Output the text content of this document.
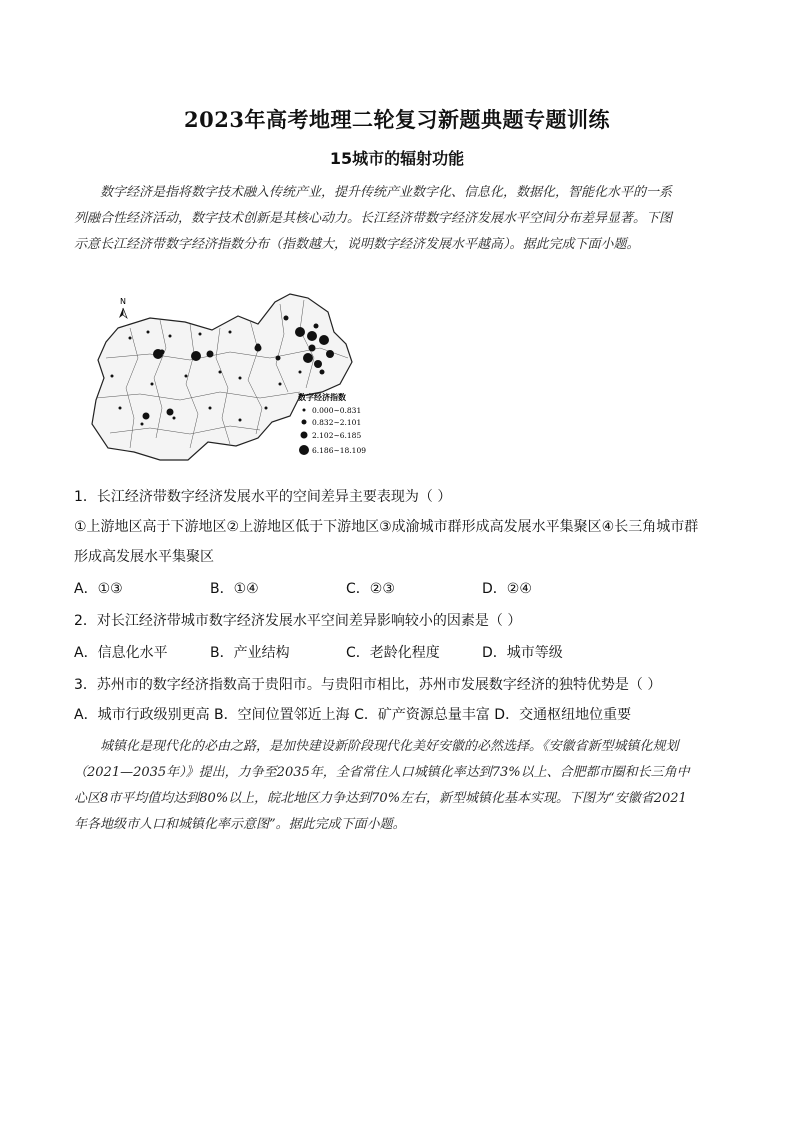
2023年高考地理二轮复习新题典题专题训练
15城市的辐射功能
数字经济是指将数字技术融入传统产业，提升传统产业数字化、信息化，数据化，智能化水平的一系
列融合性经济活动，数字技术创新是其核心动力。长江经济带数字经济发展水平空间分布差异显著。下图
示意长江经济带数字经济指数分布（指数越大，说明数字经济发展水平越高）。据此完成下面小题。
N
数字经济指数
0.000~0.831
0.832~2.101
2.102~6.185
6.186~18.109
1．长江经济带数字经济发展水平的空间差异主要表现为（ ）
①上游地区高于下游地区②上游地区低于下游地区③成渝城市群形成高发展水平集聚区④长三角城市群
形成高发展水平集聚区
A．①③	B．①④	C．②③	D．②④
2．对长江经济带城市数字经济发展水平空间差异影响较小的因素是（ ）
A．信息化水平	B．产业结构	C．老龄化程度	D．城市等级
3．苏州市的数字经济指数高于贵阳市。与贵阳市相比，苏州市发展数字经济的独特优势是（ ）
A．城市行政级别更高 B．空间位置邻近上海 C．矿产资源总量丰富 D．交通枢纽地位重要
城镇化是现代化的必由之路，是加快建设新阶段现代化美好安徽的必然选择。《安徽省新型城镇化规划
（2021—2035年）》提出，力争至2035年，全省常住人口城镇化率达到73%以上、合肥都市圈和长三角中
心区8市平均值均达到80%以上，皖北地区力争达到70%左右，新型城镇化基本实现。下图为“安徽省2021
年各地级市人口和城镇化率示意图”。据此完成下面小题。
